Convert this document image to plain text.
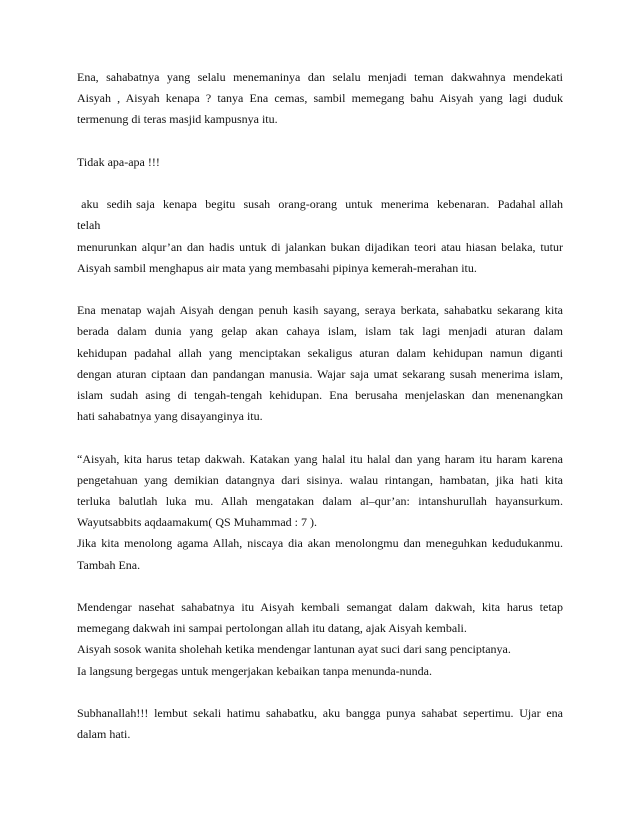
Ena, sahabatnya yang selalu menemaninya dan selalu menjadi teman dakwahnya mendekati
Aisyah , Aisyah kenapa ? tanya Ena cemas, sambil memegang bahu Aisyah yang lagi duduk
termenung di teras masjid kampusnya itu.

Tidak apa-apa !!!

aku  sedih saja  kenapa  begitu  susah  orang-orang  untuk  menerima  kebenaran.  Padahal allah telah
menurunkan alqur’an dan hadis untuk di jalankan bukan dijadikan teori atau hiasan belaka, tutur
Aisyah sambil menghapus air mata yang membasahi pipinya kemerah-merahan itu.

Ena menatap wajah Aisyah dengan penuh kasih sayang, seraya berkata, sahabatku sekarang kita
berada dalam dunia yang gelap akan cahaya islam, islam tak lagi menjadi aturan dalam
kehidupan padahal allah yang menciptakan sekaligus aturan dalam kehidupan namun diganti
dengan aturan ciptaan dan pandangan manusia. Wajar saja umat sekarang susah menerima islam,
islam sudah asing di tengah-tengah kehidupan. Ena berusaha menjelaskan dan menenangkan
hati sahabatnya yang disayanginya itu.

“Aisyah, kita harus tetap dakwah. Katakan yang halal itu halal dan yang haram itu haram karena
pengetahuan yang demikian datangnya dari sisinya. walau rintangan, hambatan, jika hati kita
terluka balutlah luka mu. Allah mengatakan dalam al–qur’an: intanshurullah hayansurkum.
Wayutsabbits aqdaamakum( QS Muhammad : 7 ).
Jika kita menolong agama Allah, niscaya dia akan menolongmu dan meneguhkan kedudukanmu.
Tambah Ena.

Mendengar nasehat sahabatnya itu Aisyah kembali semangat dalam dakwah, kita harus tetap
memegang dakwah ini sampai pertolongan allah itu datang, ajak Aisyah kembali.
Aisyah sosok wanita sholehah ketika mendengar lantunan ayat suci dari sang penciptanya.
Ia langsung bergegas untuk mengerjakan kebaikan tanpa menunda-nunda.

Subhanallah!!! lembut sekali hatimu sahabatku, aku bangga punya sahabat sepertimu. Ujar ena
dalam hati.
